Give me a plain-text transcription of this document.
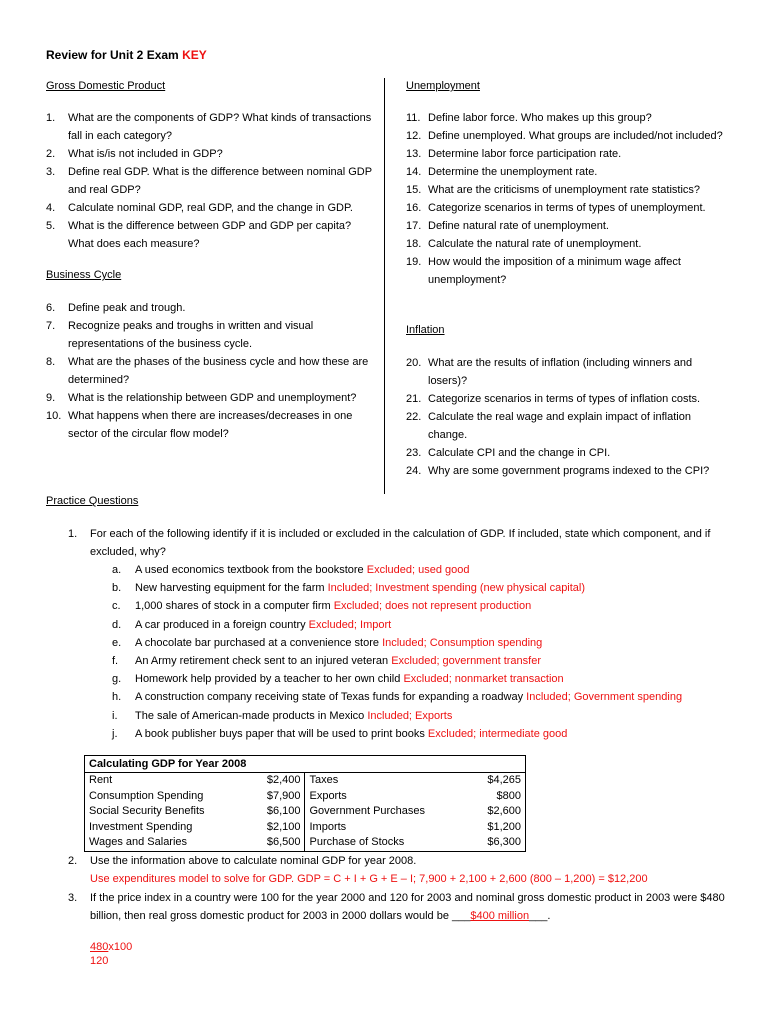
Review for Unit 2 Exam KEY
Gross Domestic Product
1. What are the components of GDP? What kinds of transactions fall in each category?
2. What is/is not included in GDP?
3. Define real GDP. What is the difference between nominal GDP and real GDP?
4. Calculate nominal GDP, real GDP, and the change in GDP.
5. What is the difference between GDP and GDP per capita? What does each measure?
Business Cycle
6. Define peak and trough.
7. Recognize peaks and troughs in written and visual representations of the business cycle.
8. What are the phases of the business cycle and how these are determined?
9. What is the relationship between GDP and unemployment?
10. What happens when there are increases/decreases in one sector of the circular flow model?
Unemployment
11. Define labor force. Who makes up this group?
12. Define unemployed. What groups are included/not included?
13. Determine labor force participation rate.
14. Determine the unemployment rate.
15. What are the criticisms of unemployment rate statistics?
16. Categorize scenarios in terms of types of unemployment.
17. Define natural rate of unemployment.
18. Calculate the natural rate of unemployment.
19. How would the imposition of a minimum wage affect unemployment?
Inflation
20. What are the results of inflation (including winners and losers)?
21. Categorize scenarios in terms of types of inflation costs.
22. Calculate the real wage and explain impact of inflation change.
23. Calculate CPI and the change in CPI.
24. Why are some government programs indexed to the CPI?
Practice Questions
1. For each of the following identify if it is included or excluded in the calculation of GDP. If included, state which component, and if excluded, why?
a. A used economics textbook from the bookstore Excluded; used good
b. New harvesting equipment for the farm Included; Investment spending (new physical capital)
c. 1,000 shares of stock in a computer firm Excluded; does not represent production
d. A car produced in a foreign country Excluded; Import
e. A chocolate bar purchased at a convenience store Included; Consumption spending
f. An Army retirement check sent to an injured veteran Excluded; government transfer
g. Homework help provided by a teacher to her own child Excluded; nonmarket transaction
h. A construction company receiving state of Texas funds for expanding a roadway Included; Government spending
i. The sale of American-made products in Mexico Included; Exports
j. A book publisher buys paper that will be used to print books Excluded; intermediate good
Calculating GDP for Year 2008			
Rent	$2,400	Taxes	$4,265
Consumption Spending	$7,900	Exports	$800
Social Security Benefits	$6,100	Government Purchases	$2,600
Investment Spending	$2,100	Imports	$1,200
Wages and Salaries	$6,500	Purchase of Stocks	$6,300
2. Use the information above to calculate nominal GDP for year 2008.
Use expenditures model to solve for GDP. GDP = C + I + G + E – I; 7,900 + 2,100 + 2,600 (800 – 1,200) = $12,200
3. If the price index in a country were 100 for the year 2000 and 120 for 2003 and nominal gross domestic product in 2003 were $480 billion, then real gross domestic product for 2003 in 2000 dollars would be ___$400 million___.
480x100
120
